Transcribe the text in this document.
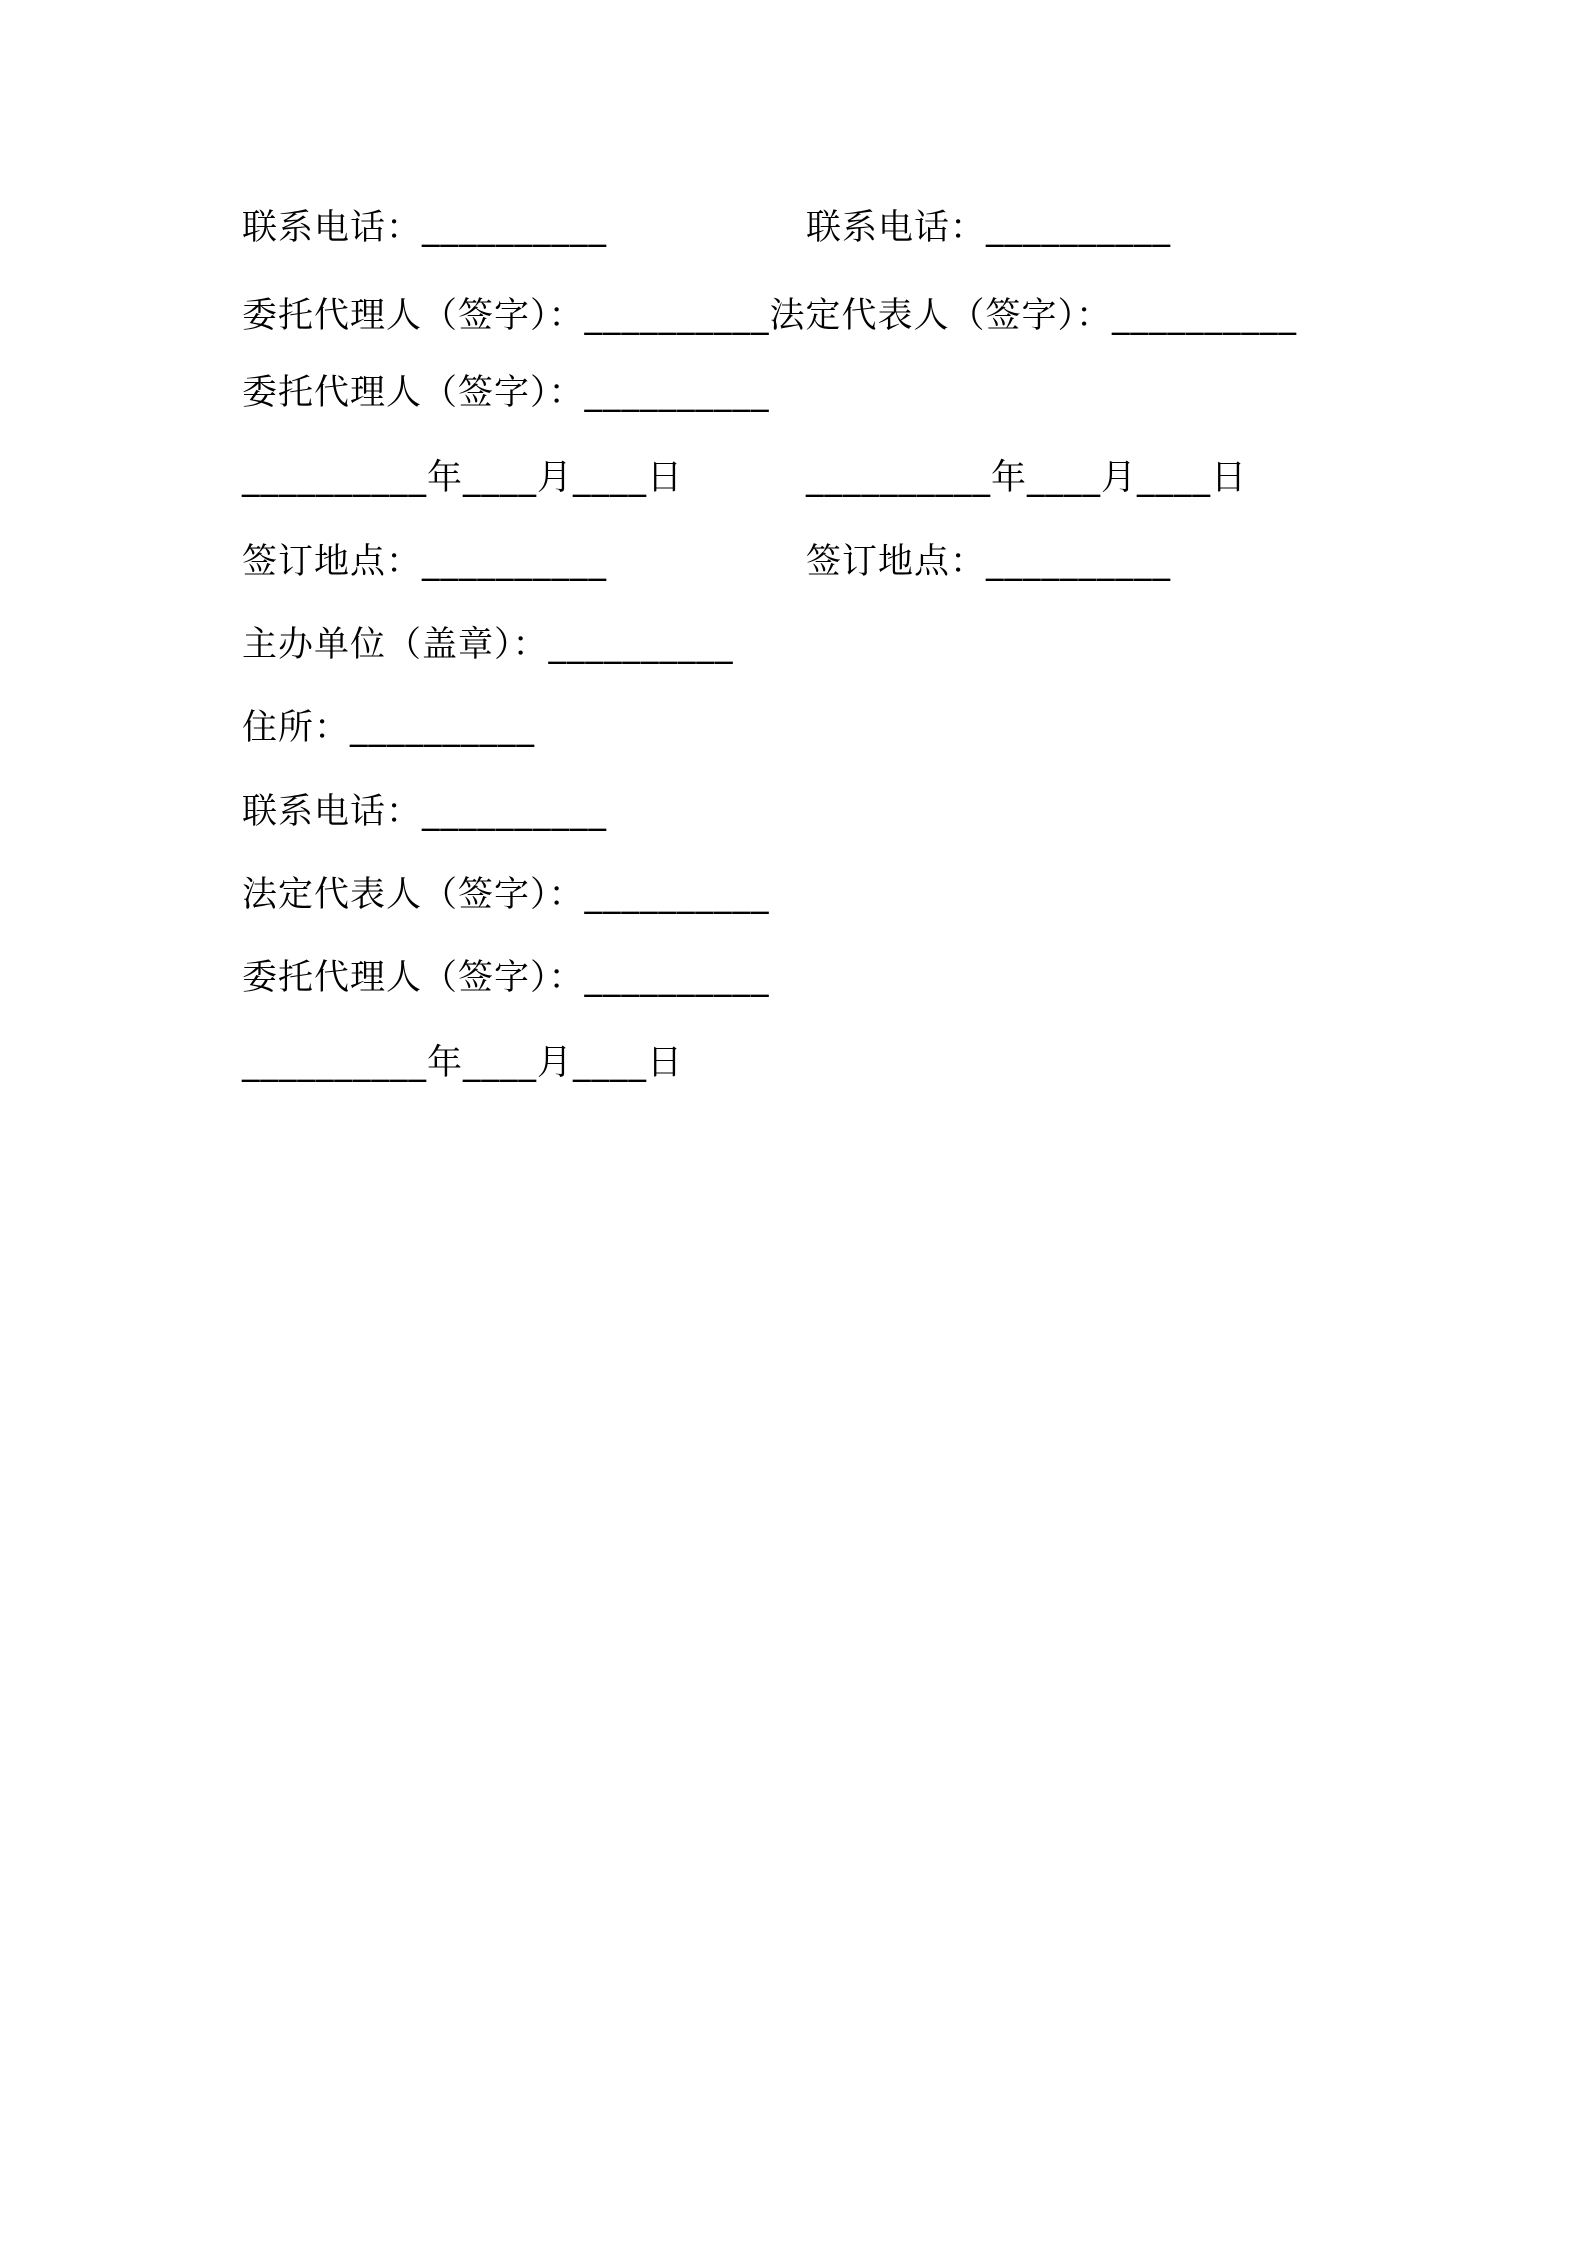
联系电话：__________	联系电话：__________
委托代理人（签字）：__________法定代表人（签字）：__________
委托代理人（签字）：__________
__________年____月____日	__________年____月____日
签订地点：__________	签订地点：__________
主办单位（盖章）：__________
住所：__________
联系电话：__________
法定代表人（签字）：__________
委托代理人（签字）：__________
__________年____月____日
